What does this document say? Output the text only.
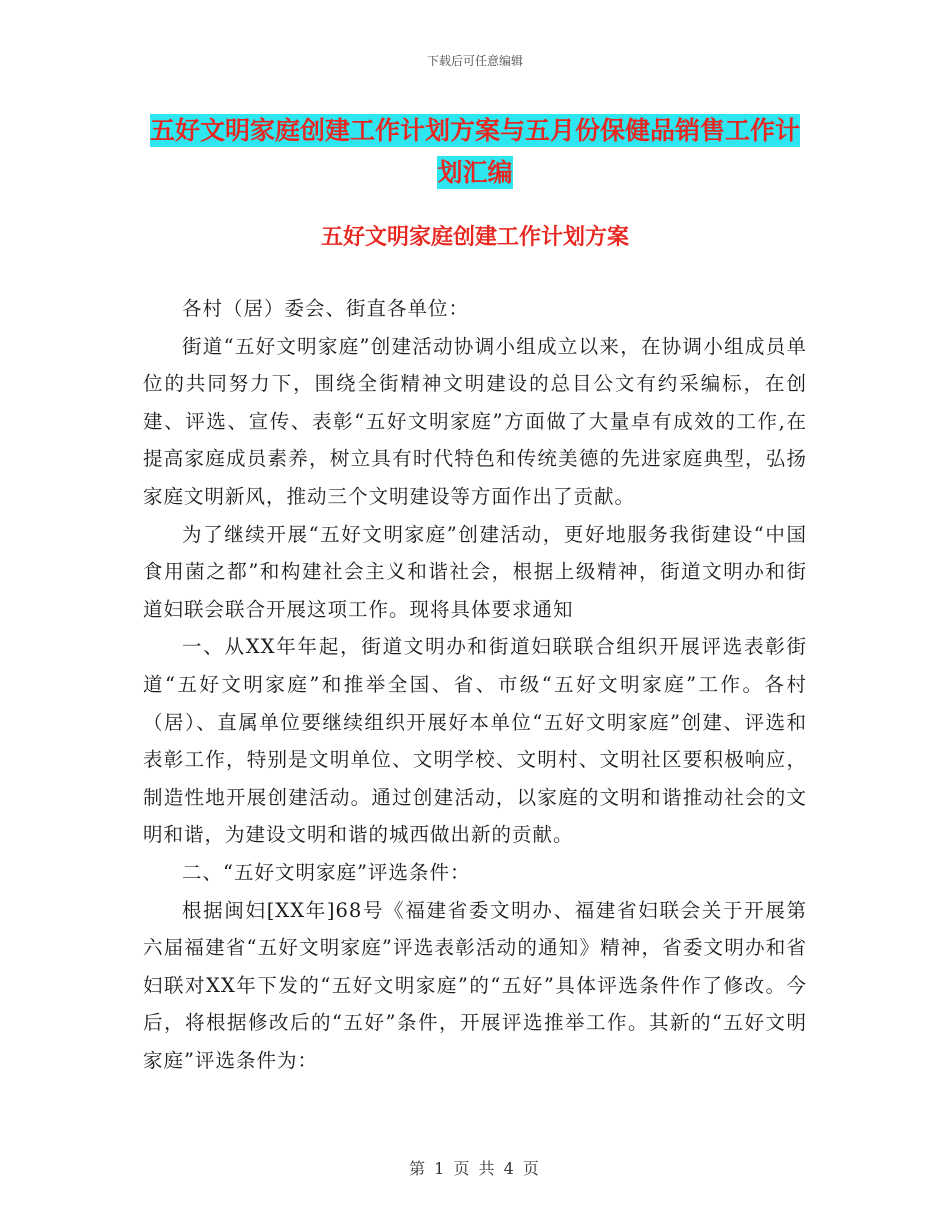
下载后可任意编辑
五好文明家庭创建工作计划方案与五月份保健品销售工作计划汇编
五好文明家庭创建工作计划方案

各村（居）委会、街直各单位：

街道“五好文明家庭”创建活动协调小组成立以来，在协调小组成员单位的共同努力下，围绕全街精神文明建设的总目公文有约采编标，在创建、评选、宣传、表彰“五好文明家庭”方面做了大量卓有成效的工作,在提高家庭成员素养，树立具有时代特色和传统美德的先进家庭典型，弘扬家庭文明新风，推动三个文明建设等方面作出了贡献。

为了继续开展“五好文明家庭”创建活动，更好地服务我街建设“中国食用菌之都”和构建社会主义和谐社会，根据上级精神，街道文明办和街道妇联会联合开展这项工作。现将具体要求通知

一、从XX年年起，街道文明办和街道妇联联合组织开展评选表彰街道“五好文明家庭”和推举全国、省、市级“五好文明家庭”工作。各村（居）、直属单位要继续组织开展好本单位“五好文明家庭”创建、评选和表彰工作，特别是文明单位、文明学校、文明村、文明社区要积极响应，制造性地开展创建活动。通过创建活动，以家庭的文明和谐推动社会的文明和谐，为建设文明和谐的城西做出新的贡献。

二、“五好文明家庭”评选条件：

根据闽妇[XX年]68号《福建省委文明办、福建省妇联会关于开展第六届福建省“五好文明家庭”评选表彰活动的通知》精神，省委文明办和省妇联对XX年下发的“五好文明家庭”的“五好”具体评选条件作了修改。今后，将根据修改后的“五好”条件，开展评选推举工作。其新的“五好文明家庭”评选条件为：

第 1 页 共 4 页
